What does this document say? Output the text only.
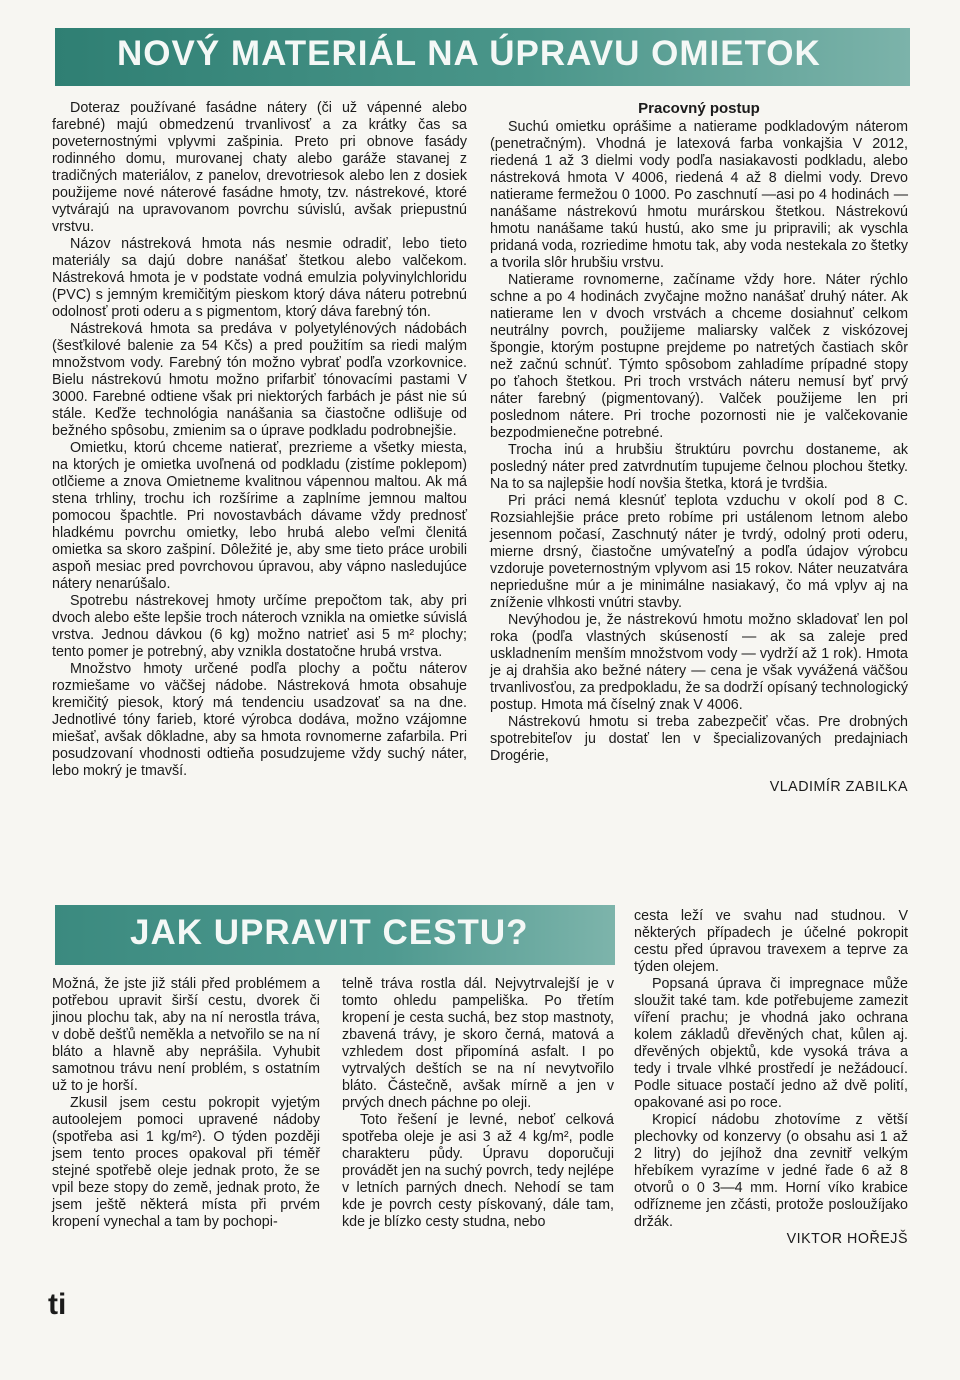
NOVÝ MATERIÁL NA ÚPRAVU OMIETOK

Doteraz používané fasádne nátery (či už vápenné alebo farebné) majú obmedzenú trvanlivosť a za krátky čas sa poveternostnými vplyvmi zašpinia. Preto pri obnove fasády rodinného domu, murovanej chaty alebo garáže stavanej z tradičných materiálov, z panelov, drevotriesok alebo len z dosiek použijeme nové náterové fasádne hmoty, tzv. nástrekové, ktoré vytvárajú na upravovanom povrchu súvislú, avšak priepustnú vrstvu.

Názov nástreková hmota nás nesmie odradiť, lebo tieto materiály sa dajú dobre nanášať štetkou alebo valčekom. Nástreková hmota je v podstate vodná emulzia polyvinylchloridu (PVC) s jemným kremičitým pieskom ktorý dáva náteru potrebnú odolnosť proti oderu a s pigmentom, ktorý dáva farebný tón.

Nástreková hmota sa predáva v polyetylénových nádobách (šesťkilové balenie za 54 Kčs) a pred použitím sa riedi malým množstvom vody. Farebný tón možno vybrať podľa vzorkovnice. Bielu nástrekovú hmotu možno prifarbiť tónovacími pastami V 3000. Farebné odtiene však pri niektorých farbách je pást nie sú stále. Keďže technológia nanášania sa čiastočne odlišuje od bežného spôsobu, zmienim sa o úprave podkladu podrobnejšie.

Omietku, ktorú chceme natierať, prezrieme a všetky miesta, na ktorých je omietka uvoľnená od podkladu (zistíme poklepom) otlčieme a znova Omietneme kvalitnou vápennou maltou. Ak má stena trhliny, trochu ich rozšírime a zaplníme jemnou maltou pomocou špachtle. Pri novostavbách dávame vždy prednosť hladkému povrchu omietky, lebo hrubá alebo veľmi členitá omietka sa skoro zašpiní. Dôležité je, aby sme tieto práce urobili aspoň mesiac pred povrchovou úpravou, aby vápno nasledujúce nátery nenarúšalo.

Spotrebu nástrekovej hmoty určíme prepočtom tak, aby pri dvoch alebo ešte lepšie troch náteroch vznikla na omietke súvislá vrstva. Jednou dávkou (6 kg) možno natrieť asi 5 m² plochy; tento pomer je potrebný, aby vznikla dostatočne hrubá vrstva.

Množstvo hmoty určené podľa plochy a počtu náterov rozmiešame vo väčšej nádobe. Nástreková hmota obsahuje kremičitý piesok, ktorý má tendenciu usadzovať sa na dne. Jednotlivé tóny farieb, ktoré výrobca dodáva, možno vzájomne miešať, avšak dôkladne, aby sa hmota rovnomerne zafarbila. Pri posudzovaní vhodnosti odtieňa posudzujeme vždy suchý náter, lebo mokrý je tmavší.

Pracovný postup

Suchú omietku oprášime a natierame podkladovým náterom (penetračným). Vhodná je latexová farba vonkajšia V 2012, riedená 1 až 3 dielmi vody podľa nasiakavosti podkladu, alebo nástreková hmota V 4006, riedená 4 až 8 dielmi vody. Drevo natierame fermežou 0 1000. Po zaschnutí —asi po 4 hodinách —nanášame nástrekovú hmotu murárskou štetkou. Nástrekovú hmotu nanášame takú hustú, ako sme ju pripravili; ak vyschla pridaná voda, rozriedime hmotu tak, aby voda nestekala zo štetky a tvorila slôr hrubšiu vrstvu.

Natierame rovnomerne, začíname vždy hore. Náter rýchlo schne a po 4 hodinách zvyčajne možno nanášať druhý náter. Ak natierame len v dvoch vrstvách a chceme dosiahnuť celkom neutrálny povrch, použijeme maliarsky valček z viskózovej špongie, ktorým postupne prejdeme po natretých častiach skôr než začnú schnúť. Týmto spôsobom zahladíme prípadné stopy po ťahoch štetkou. Pri troch vrstvách náteru nemusí byť prvý náter farebný (pigmentovaný). Valček použijeme len pri poslednom nátere. Pri troche pozornosti nie je valčekovanie bezpodmienečne potrebné.

Trocha inú a hrubšiu štruktúru povrchu dostaneme, ak posledný náter pred zatvrdnutím tupujeme čelnou plochou štetky. Na to sa najlepšie hodí novšia štetka, ktorá je tvrdšia.

Pri práci nemá klesnúť teplota vzduchu v okolí pod 8 C. Rozsiahlejšie práce preto robíme pri ustálenom letnom alebo jesennom počasí, Zaschnutý náter je tvrdý, odolný proti oderu, mierne drsný, čiastočne umývateľný a podľa údajov výrobcu vzdoruje poveternostným vplyvom asi 15 rokov. Náter neuzatvára nepriedušne múr a je minimálne nasiakavý, čo má vplyv aj na zníženie vlhkosti vnútri stavby.

Nevýhodou je, že nástrekovú hmotu možno skladovať len pol roka (podľa vlastných skúseností — ak sa zaleje pred uskladnením menším množstvom vody — vydrží až 1 rok). Hmota je aj drahšia ako bežné nátery — cena je však vyvážená väčšou trvanlivosťou, za predpokladu, že sa dodrží opísaný technologický postup. Hmota má číselný znak V 4006.

Nástrekovú hmotu si treba zabezpečiť včas. Pre drobných spotrebiteľov ju dostať len v špecializovaných predajniach Drogérie,

VLADIMÍR ZABILKA
JAK UPRAVIT CESTU?

Možná, že jste již stáli před problémem a potřebou upravit širší cestu, dvorek či jinou plochu tak, aby na ní nerostla tráva, v době dešťů neměkla a netvořilo se na ní bláto a hlavně aby neprášila. Vyhubit samotnou trávu není problém, s ostatním už to je horší.

Zkusil jsem cestu pokropit vyjetým autoolejem pomoci upravené nádoby (spotřeba asi 1 kg/m²). O týden později jsem tento proces opakoval při téměř stejné spotřebě oleje jednak proto, že se vpil beze stopy do země, jednak proto, že jsem ještě některá místa při prvém kropení vynechal a tam by pochopi-

telně tráva rostla dál. Nejvytrvalejší je v tomto ohledu pampeliška. Po třetím kropení je cesta suchá, bez stop mastnoty, zbavená trávy, je skoro černá, matová a vzhledem dost připomíná asfalt. I po vytrvalých deštích se na ní nevytvořilo bláto. Částečně, avšak mírně a jen v prvých dnech páchne po oleji.

Toto řešení je levné, neboť celková spotřeba oleje je asi 3 až 4 kg/m², podle charakteru půdy. Úpravu doporučuji provádět jen na suchý povrch, tedy nejlépe v letních parných dnech. Nehodí se tam kde je povrch cesty pískovaný, dále tam, kde je blízko cesty studna, nebo

cesta leží ve svahu nad studnou. V některých případech je účelné pokropit cestu před úpravou travexem a teprve za týden olejem.

Popsaná úprava či impregnace může sloužit také tam. kde potřebujeme zamezit víření prachu; je vhodná jako ochrana kolem základů dřevěných chat, kůlen aj. dřevěných objektů, kde vysoká tráva a tedy i trvale vlhké prostředí je nežádoucí. Podle situace postačí jedno až dvě polití, opakované asi po roce.

Kropicí nádobu zhotovíme z větší plechovky od konzervy (o obsahu asi 1 až 2 litry) do jejíhož dna zevnitř velkým hřebíkem vyrazíme v jedné řade 6 až 8 otvorů o 0 3—4 mm. Horní víko krabice odřízneme jen zčásti, protože posloužíjako držák.

VIKTOR HOŘEJŠ
ti
